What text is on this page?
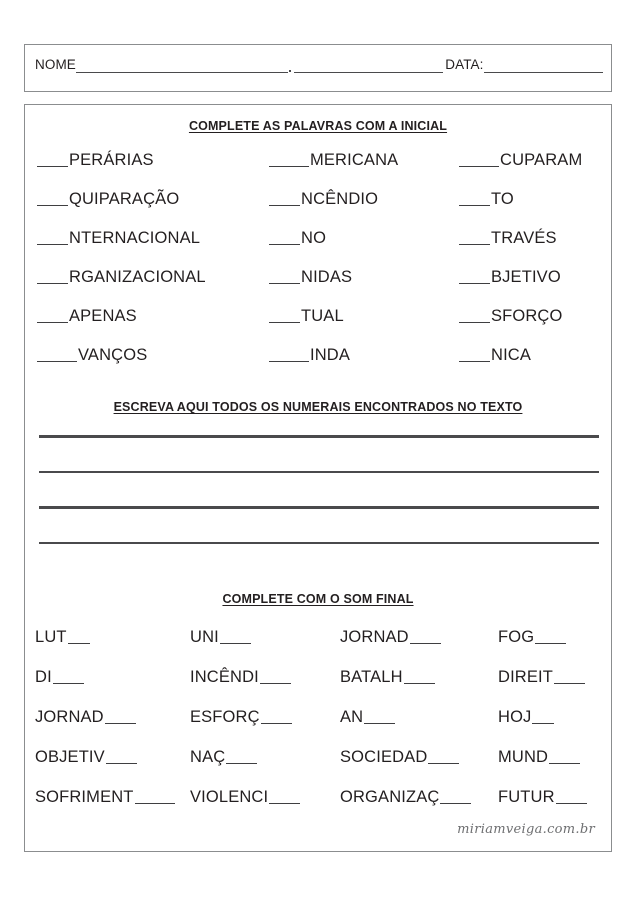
NOME	DATA:
COMPLETE AS PALAVRAS COM A INICIAL
PERÁRIAS	MERICANA	CUPARAM
QUIPARAÇÃO	NCÊNDIO	TO
NTERNACIONAL	NO	TRAVÉS
RGANIZACIONAL	NIDAS	BJETIVO
APENAS	TUAL	SFORÇO
VANÇOS	INDA	NICA
ESCREVA AQUI TODOS OS NUMERAIS ENCONTRADOS NO TEXTO
COMPLETE COM O SOM FINAL
LUT	UNI	JORNAD	FOG
DI	INCÊNDI	BATALH	DIREIT
JORNAD	ESFORÇ	AN	HOJ
OBJETIV	NAÇ	SOCIEDAD	MUND
SOFRIMENT	VIOLENCI	ORGANIZAÇ	FUTUR
miriamveiga.com.br
